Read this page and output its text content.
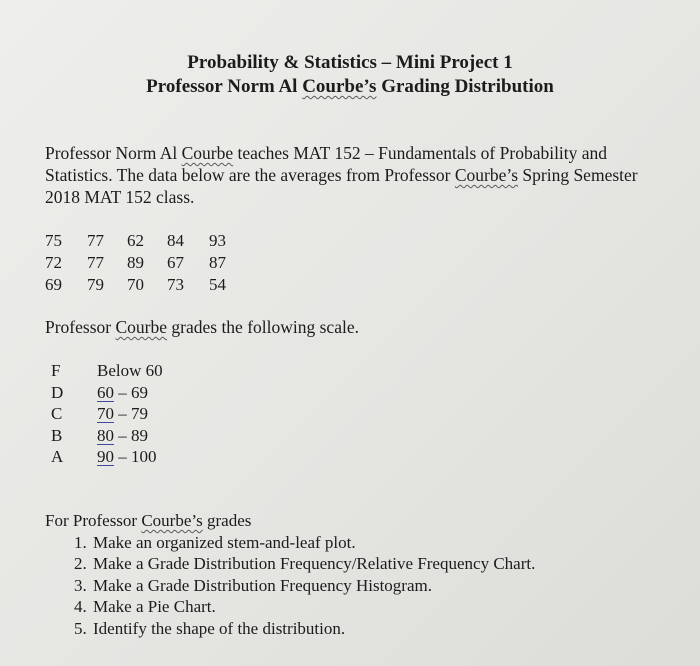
Probability & Statistics – Mini Project 1
Professor Norm Al Courbe’s Grading Distribution
Professor Norm Al Courbe teaches MAT 152 – Fundamentals of Probability and Statistics. The data below are the averages from Professor Courbe’s Spring Semester 2018 MAT 152 class.
75	77	62	84	93
72	77	89	67	87
69	79	70	73	54
Professor Courbe grades the following scale.
F	Below 60
D	60 – 69
C	70 – 79
B	80 – 89
A	90 – 100
For Professor Courbe’s grades
1. Make an organized stem-and-leaf plot.
2. Make a Grade Distribution Frequency/Relative Frequency Chart.
3. Make a Grade Distribution Frequency Histogram.
4. Make a Pie Chart.
5. Identify the shape of the distribution.
